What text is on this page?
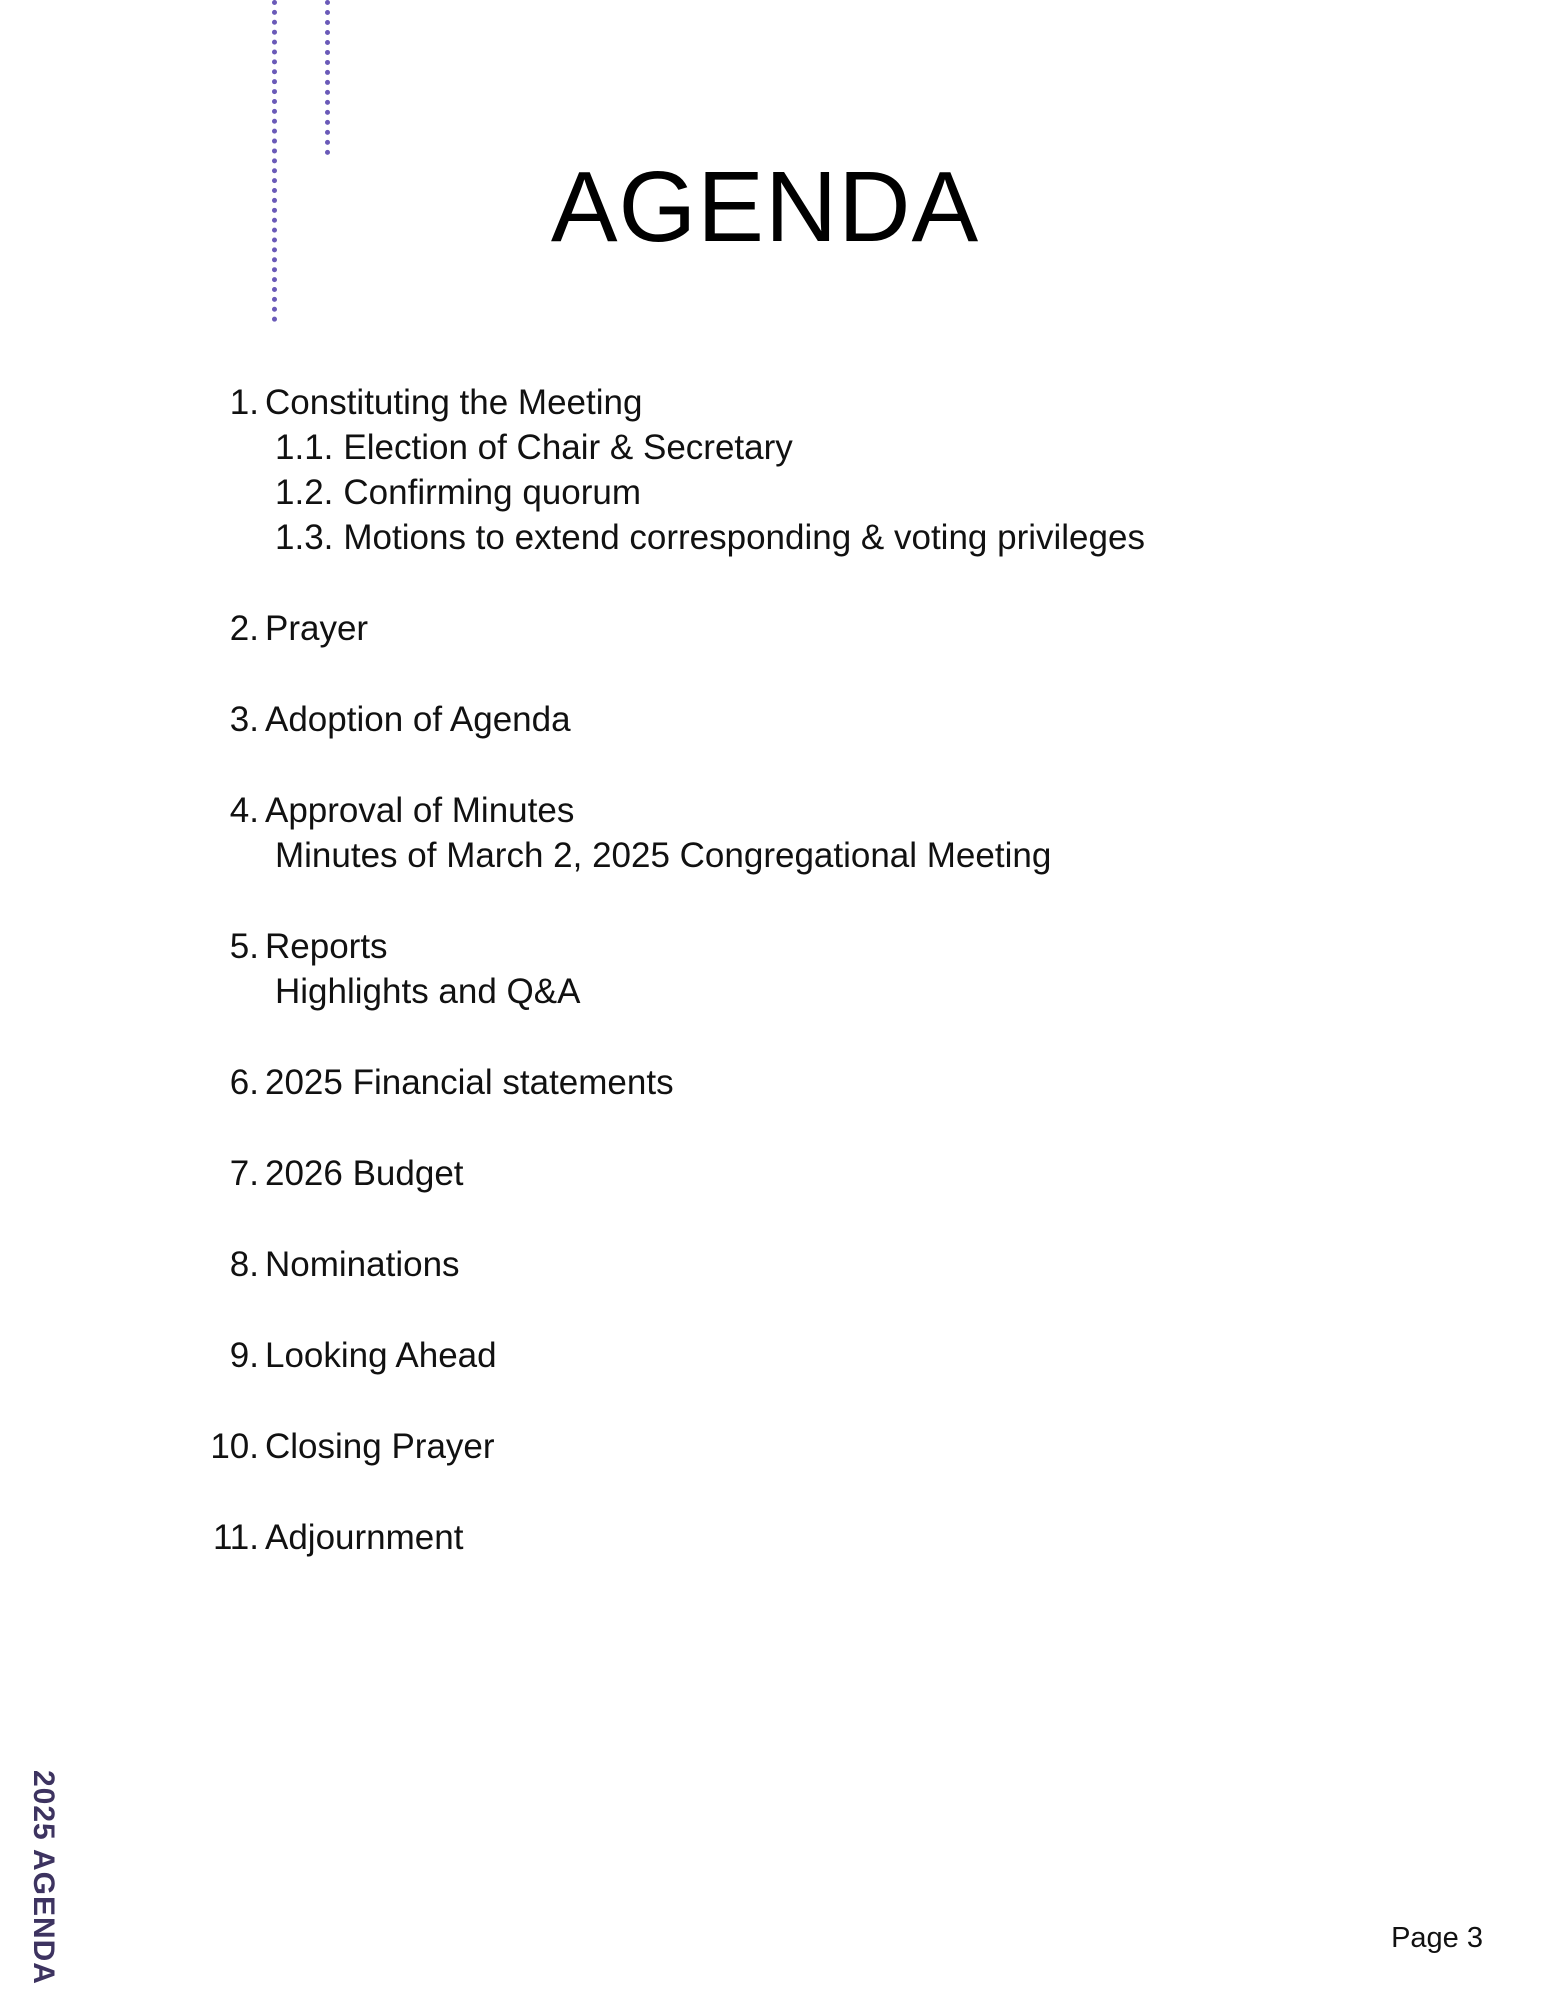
AGENDA
1. Constituting the Meeting
1.1. Election of Chair & Secretary
1.2. Confirming quorum
1.3. Motions to extend corresponding & voting privileges
2. Prayer
3. Adoption of Agenda
4. Approval of Minutes
Minutes of March 2, 2025 Congregational Meeting
5. Reports
Highlights and Q&A
6. 2025 Financial statements
7. 2026 Budget
8. Nominations
9. Looking Ahead
10. Closing Prayer
11. Adjournment
2025 AGENDA	Page 3
